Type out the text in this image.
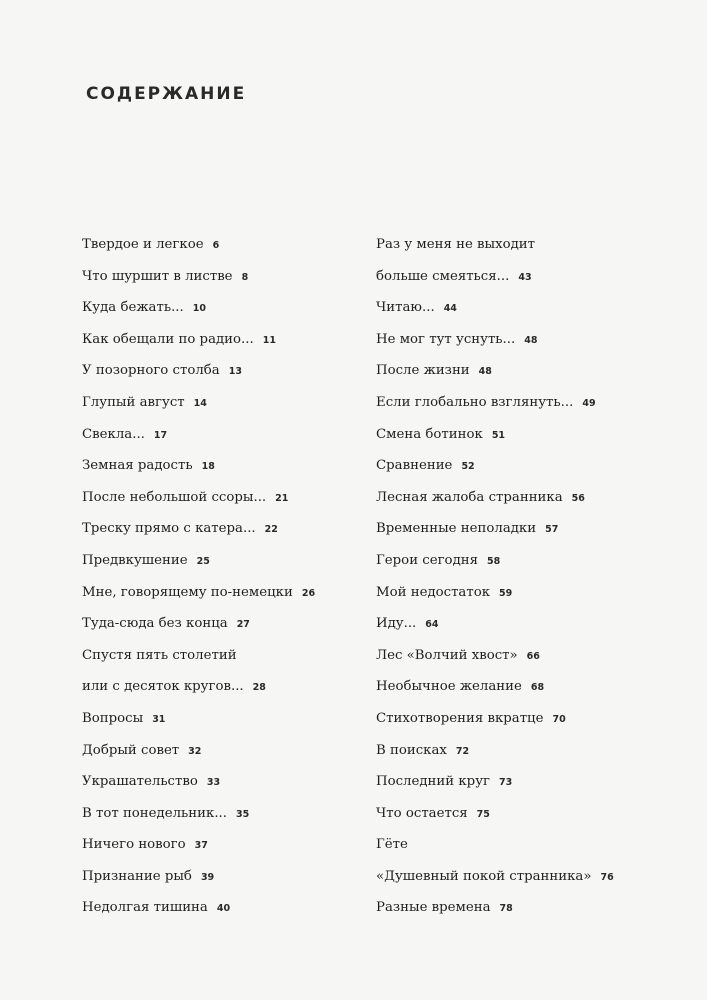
СОДЕРЖАНИЕ
Твердое и легкое 6
Что шуршит в листве 8
Куда бежать... 10
Как обещали по радио... 11
У позорного столба 13
Глупый август 14
Свекла... 17
Земная радость 18
После небольшой ссоры... 21
Треску прямо с катера... 22
Предвкушение 25
Мне, говорящему по-немецки 26
Туда-сюда без конца 27
Спустя пять столетий
или с десяток кругов... 28
Вопросы 31
Добрый совет 32
Украшательство 33
В тот понедельник... 35
Ничего нового 37
Признание рыб 39
Недолгая тишина 40
Раз у меня не выходит
больше смеяться... 43
Читаю... 44
Не мог тут уснуть... 48
После жизни 48
Если глобально взглянуть... 49
Смена ботинок 51
Сравнение 52
Лесная жалоба странника 56
Временные неполадки 57
Герои сегодня 58
Мой недостаток 59
Иду... 64
Лес «Волчий хвост» 66
Необычное желание 68
Стихотворения вкратце 70
В поисках 72
Последний круг 73
Что остается 75
Гёте
«Душевный покой странника» 76
Разные времена 78
